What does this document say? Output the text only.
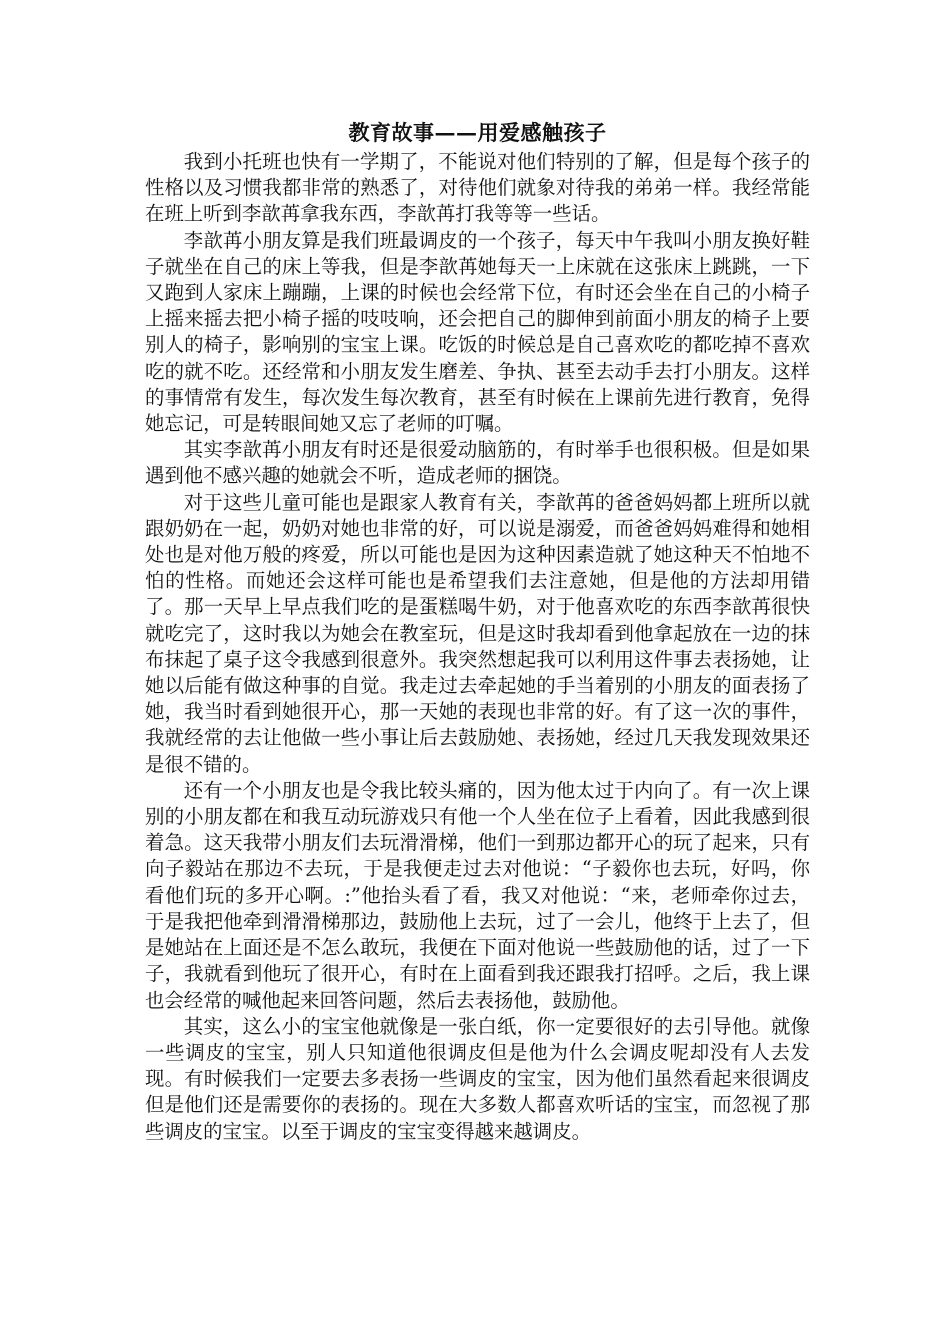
教育故事——用爱感触孩子

我到小托班也快有一学期了，不能说对他们特别的了解，但是每个孩子的性格以及习惯我都非常的熟悉了，对待他们就象对待我的弟弟一样。我经常能在班上听到李歆苒拿我东西，李歆苒打我等等一些话。

李歆苒小朋友算是我们班最调皮的一个孩子，每天中午我叫小朋友换好鞋子就坐在自己的床上等我，但是李歆苒她每天一上床就在这张床上跳跳，一下又跑到人家床上蹦蹦，上课的时候也会经常下位，有时还会坐在自己的小椅子上摇来摇去把小椅子摇的吱吱响，还会把自己的脚伸到前面小朋友的椅子上要别人的椅子，影响别的宝宝上课。吃饭的时候总是自己喜欢吃的都吃掉不喜欢吃的就不吃。还经常和小朋友发生磨差、争执、甚至去动手去打小朋友。这样的事情常有发生，每次发生每次教育，甚至有时候在上课前先进行教育，免得她忘记，可是转眼间她又忘了老师的叮嘱。

其实李歆苒小朋友有时还是很爱动脑筋的，有时举手也很积极。但是如果遇到他不感兴趣的她就会不听，造成老师的捆饶。

对于这些儿童可能也是跟家人教育有关，李歆苒的爸爸妈妈都上班所以就跟奶奶在一起，奶奶对她也非常的好，可以说是溺爱，而爸爸妈妈难得和她相处也是对他万般的疼爱，所以可能也是因为这种因素造就了她这种天不怕地不怕的性格。而她还会这样可能也是希望我们去注意她，但是他的方法却用错了。那一天早上早点我们吃的是蛋糕喝牛奶，对于他喜欢吃的东西李歆苒很快就吃完了，这时我以为她会在教室玩，但是这时我却看到他拿起放在一边的抹布抹起了桌子这令我感到很意外。我突然想起我可以利用这件事去表扬她，让她以后能有做这种事的自觉。我走过去牵起她的手当着别的小朋友的面表扬了她，我当时看到她很开心，那一天她的表现也非常的好。有了这一次的事件，我就经常的去让他做一些小事让后去鼓励她、表扬她，经过几天我发现效果还是很不错的。

还有一个小朋友也是令我比较头痛的，因为他太过于内向了。有一次上课别的小朋友都在和我互动玩游戏只有他一个人坐在位子上看着，因此我感到很着急。这天我带小朋友们去玩滑滑梯，他们一到那边都开心的玩了起来，只有向子毅站在那边不去玩，于是我便走过去对他说：“子毅你也去玩，好吗，你看他们玩的多开心啊。:”他抬头看了看，我又对他说：“来，老师牵你过去，于是我把他牵到滑滑梯那边，鼓励他上去玩，过了一会儿，他终于上去了，但是她站在上面还是不怎么敢玩，我便在下面对他说一些鼓励他的话，过了一下子，我就看到他玩了很开心，有时在上面看到我还跟我打招呼。之后，我上课也会经常的喊他起来回答问题，然后去表扬他，鼓励他。

其实，这么小的宝宝他就像是一张白纸，你一定要很好的去引导他。就像一些调皮的宝宝，别人只知道他很调皮但是他为什么会调皮呢却没有人去发现。有时候我们一定要去多表扬一些调皮的宝宝，因为他们虽然看起来很调皮但是他们还是需要你的表扬的。现在大多数人都喜欢听话的宝宝，而忽视了那些调皮的宝宝。以至于调皮的宝宝变得越来越调皮。
